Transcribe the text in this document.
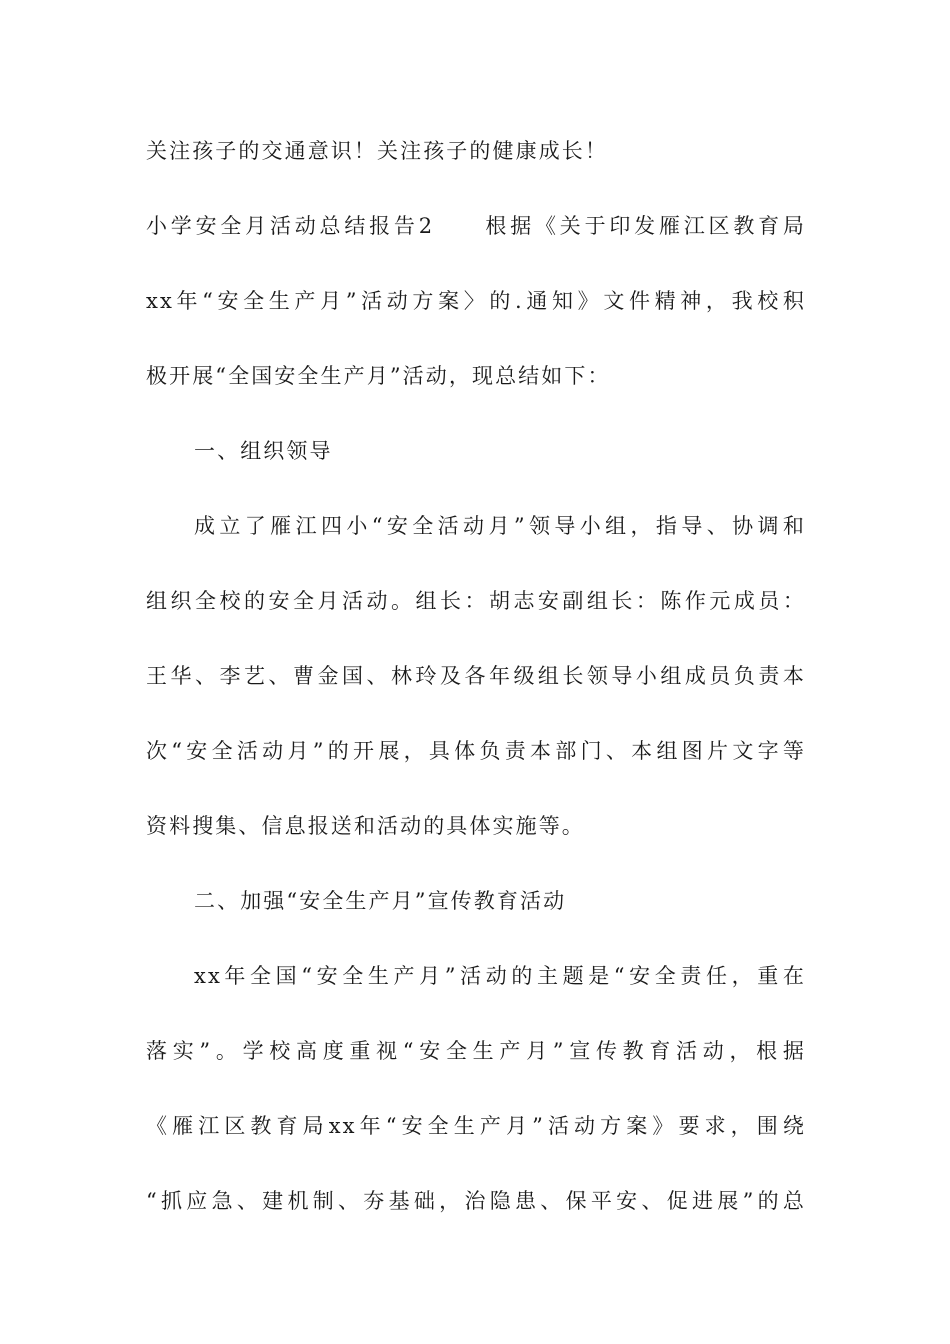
关注孩子的交通意识！关注孩子的健康成长！
小学安全月活动总结报告2　　根据《关于印发雁江区教育局
xx年“安全生产月”活动方案〉的.通知》文件精神，我校积
极开展“全国安全生产月”活动，现总结如下：
一、组织领导
成立了雁江四小“安全活动月”领导小组，指导、协调和
组织全校的安全月活动。组长：胡志安副组长：陈作元成员：
王华、李艺、曹金国、林玲及各年级组长领导小组成员负责本
次“安全活动月”的开展，具体负责本部门、本组图片文字等
资料搜集、信息报送和活动的具体实施等。
二、加强“安全生产月”宣传教育活动
xx年全国“安全生产月”活动的主题是“安全责任，重在
落实”。学校高度重视“安全生产月”宣传教育活动，根据
《雁江区教育局xx年“安全生产月”活动方案》要求，围绕
“抓应急、建机制、夯基础，治隐患、保平安、促进展”的总
